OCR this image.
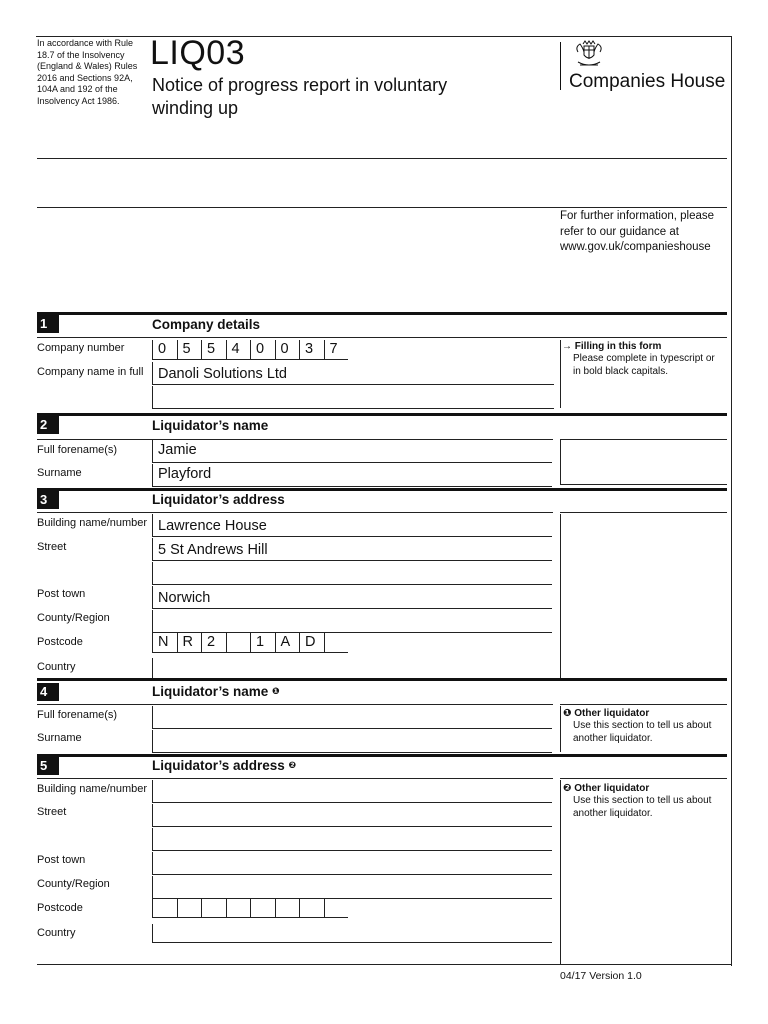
In accordance with Rule 18.7 of the Insolvency (England & Wales) Rules 2016 and Sections 92A, 104A and 192 of the Insolvency Act 1986.
LIQ03
Notice of progress report in voluntary winding up
Companies House
For further information, please refer to our guidance at www.gov.uk/companieshouse
1	Company details
Company number	0	5	5	4	0	0	3	7
Company name in full Danoli Solutions Ltd
→ Filling in this form
Please complete in typescript or in bold black capitals.
2	Liquidator’s name
Full forename(s)	Jamie
Surname	Playford
3	Liquidator’s address
Building name/number Lawrence House
Street	5 St Andrews Hill
Post town	Norwich
County/Region
Postcode	N R 2	1	A	D
Country
4	Liquidator’s name ❶
Full forename(s)
Surname
❶ Other liquidator
Use this section to tell us about another liquidator.
5	Liquidator’s address ❷
Building name/number
Street
Post town
County/Region
Postcode
Country
❷ Other liquidator
Use this section to tell us about another liquidator.
04/17 Version 1.0
